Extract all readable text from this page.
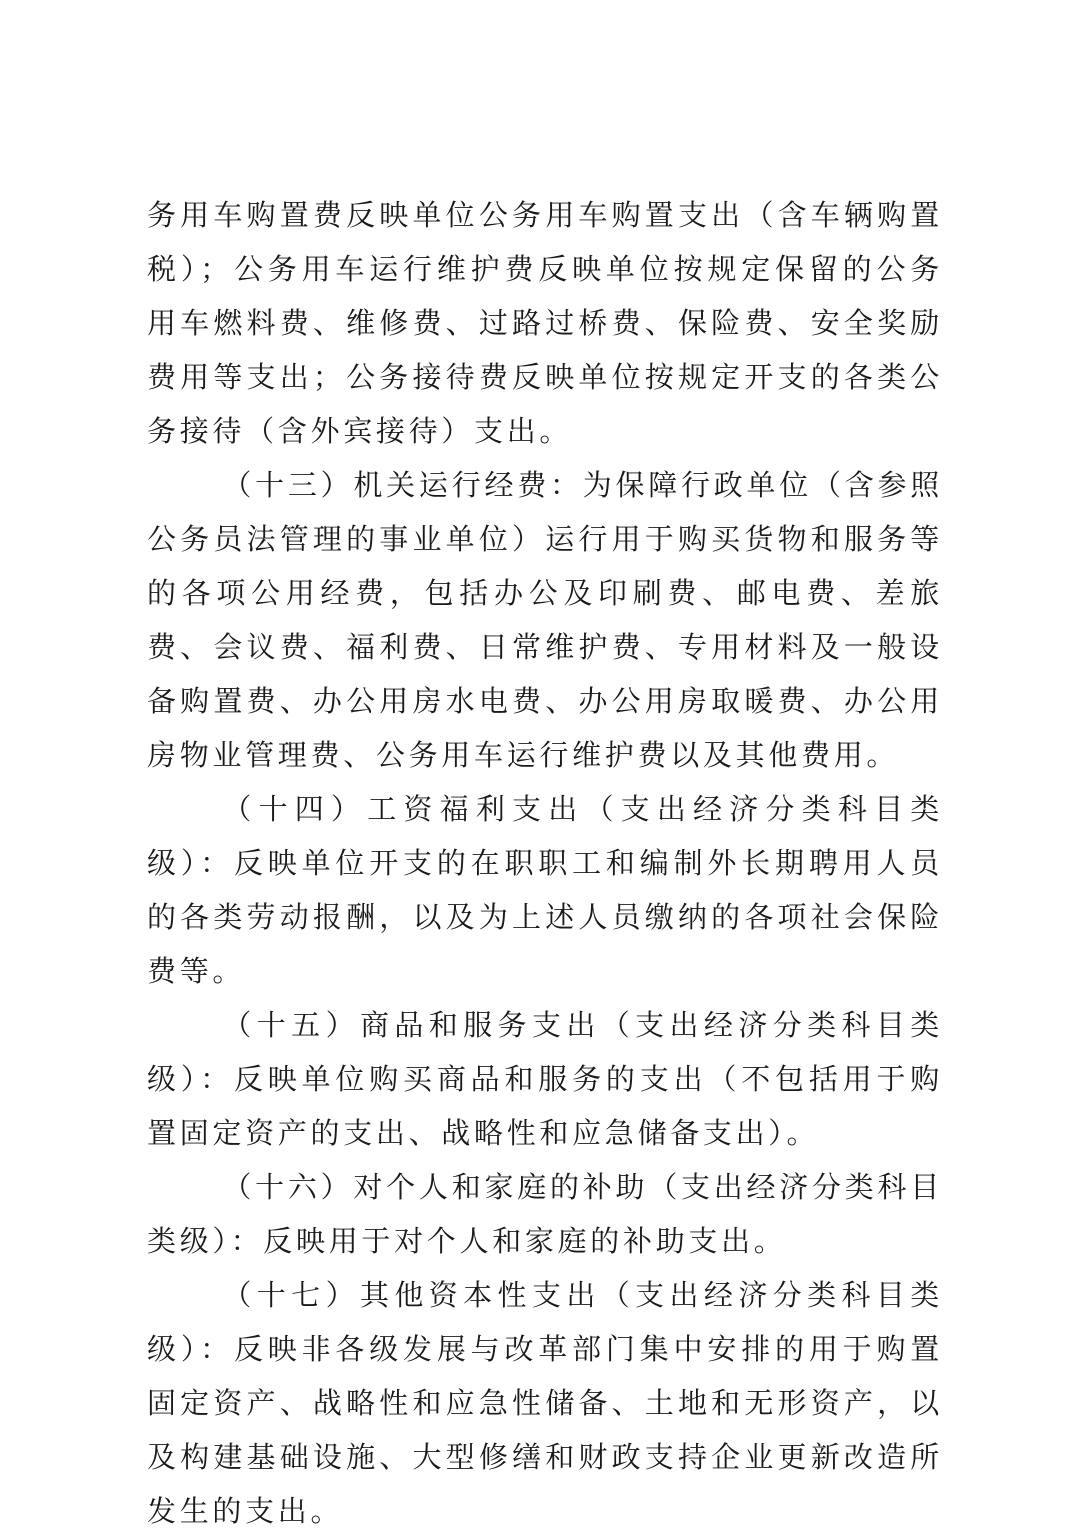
务用车购置费反映单位公务用车购置支出（含车辆购置税）；公务用车运行维护费反映单位按规定保留的公务用车燃料费、维修费、过路过桥费、保险费、安全奖励费用等支出；公务接待费反映单位按规定开支的各类公务接待（含外宾接待）支出。

（十三）机关运行经费：为保障行政单位（含参照公务员法管理的事业单位）运行用于购买货物和服务等的各项公用经费，包括办公及印刷费、邮电费、差旅费、会议费、福利费、日常维护费、专用材料及一般设备购置费、办公用房水电费、办公用房取暖费、办公用房物业管理费、公务用车运行维护费以及其他费用。

（十四）工资福利支出（支出经济分类科目类级）：反映单位开支的在职职工和编制外长期聘用人员的各类劳动报酬，以及为上述人员缴纳的各项社会保险费等。

（十五）商品和服务支出（支出经济分类科目类级）：反映单位购买商品和服务的支出（不包括用于购置固定资产的支出、战略性和应急储备支出）。

（十六）对个人和家庭的补助（支出经济分类科目类级）：反映用于对个人和家庭的补助支出。

（十七）其他资本性支出（支出经济分类科目类级）：反映非各级发展与改革部门集中安排的用于购置固定资产、战略性和应急性储备、土地和无形资产，以及构建基础设施、大型修缮和财政支持企业更新改造所发生的支出。
